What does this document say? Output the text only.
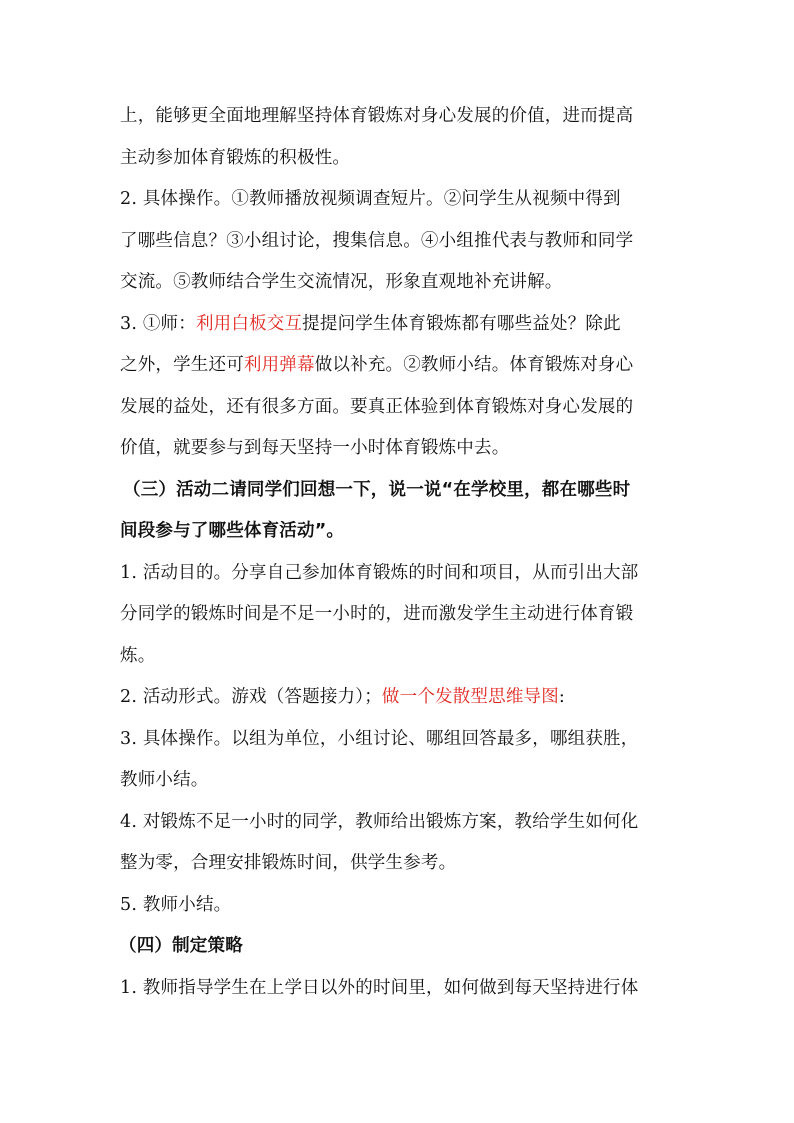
上，能够更全面地理解坚持体育锻炼对身心发展的价值，进而提高
主动参加体育锻炼的积极性。
2. 具体操作。①教师播放视频调查短片。②问学生从视频中得到
了哪些信息？③小组讨论，搜集信息。④小组推代表与教师和同学
交流。⑤教师结合学生交流情况，形象直观地补充讲解。
3. ①师：利用白板交互提提问学生体育锻炼都有哪些益处？除此
之外，学生还可利用弹幕做以补充。②教师小结。体育锻炼对身心
发展的益处，还有很多方面。要真正体验到体育锻炼对身心发展的
价值，就要参与到每天坚持一小时体育锻炼中去。
（三）活动二请同学们回想一下，说一说“在学校里，都在哪些时
间段参与了哪些体育活动”。
1. 活动目的。分享自己参加体育锻炼的时间和项目，从而引出大部
分同学的锻炼时间是不足一小时的，进而激发学生主动进行体育锻
炼。
2. 活动形式。游戏（答题接力）；做一个发散型思维导图:
3. 具体操作。以组为单位，小组讨论、哪组回答最多，哪组获胜，
教师小结。
4. 对锻炼不足一小时的同学，教师给出锻炼方案，教给学生如何化
整为零，合理安排锻炼时间，供学生参考。
5. 教师小结。
（四）制定策略
1. 教师指导学生在上学日以外的时间里，如何做到每天坚持进行体
